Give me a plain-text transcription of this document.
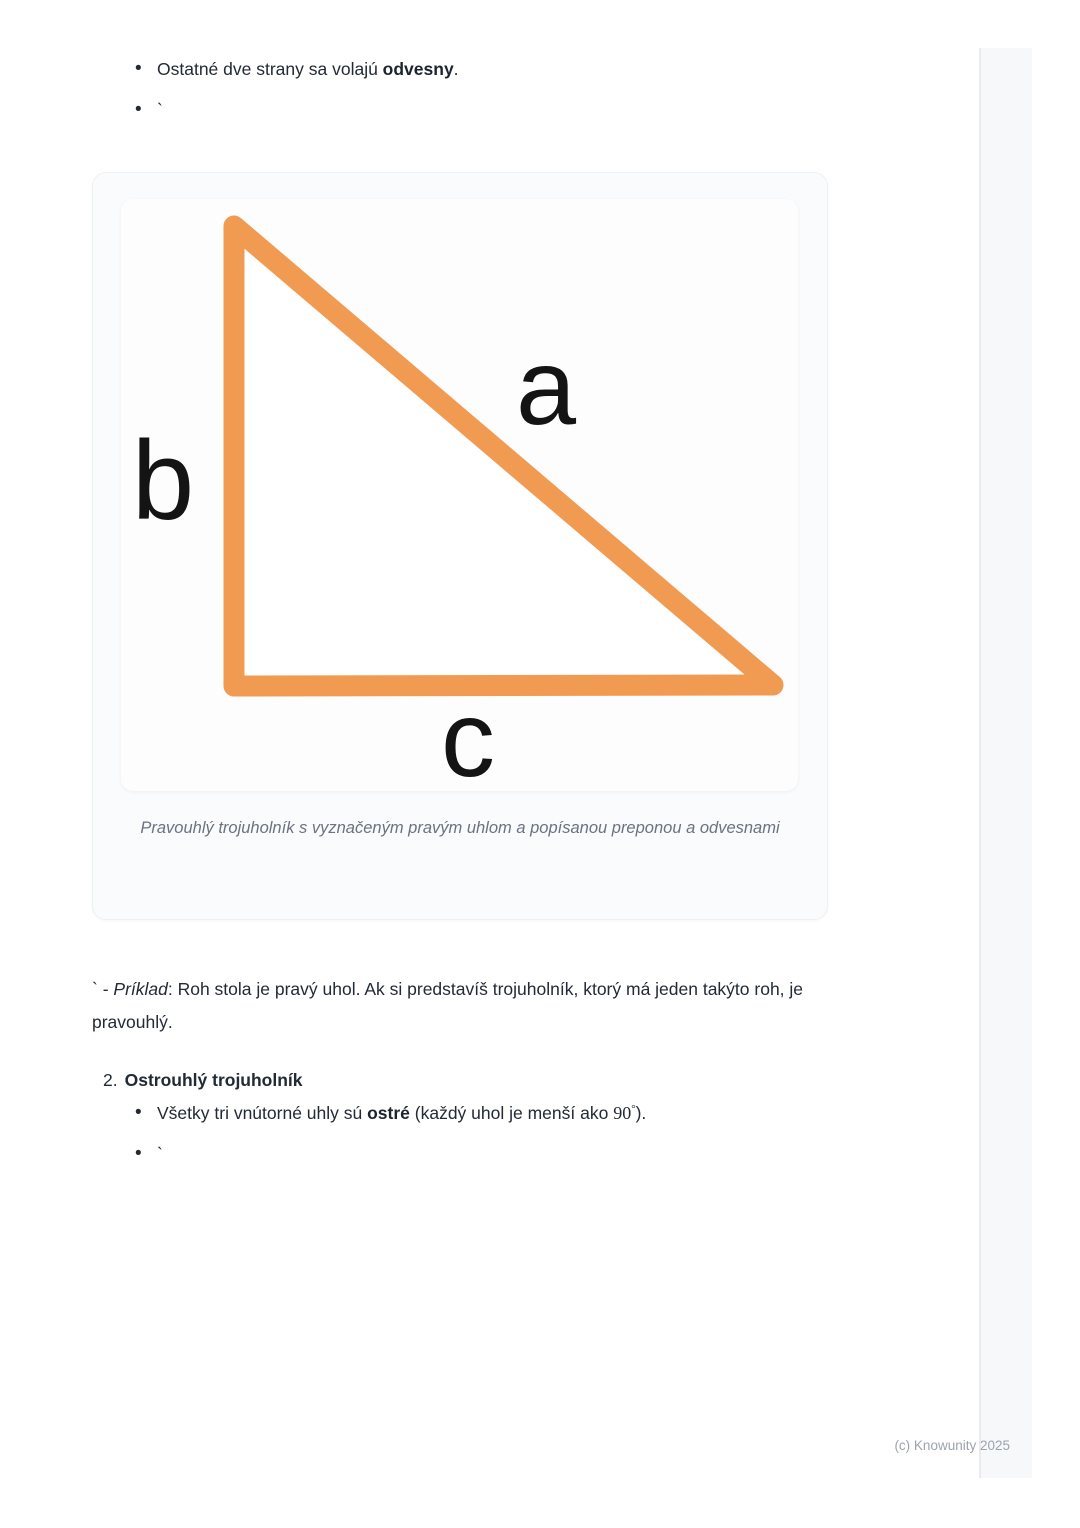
• Ostatné dve strany sa volajú odvesny.
• `
b
a
c
Pravouhlý trojuholník s vyznačeným pravým uhlom a popísanou preponou a odvesnami

` - Príklad: Roh stola je pravý uhol. Ak si predstavíš trojuholník, ktorý má jeden takýto roh, je pravouhlý.

2. Ostrouhlý trojuholník
• Všetky tri vnútorné uhly sú ostré (každý uhol je menší ako 90°).
• `
(c) Knowunity 2025
